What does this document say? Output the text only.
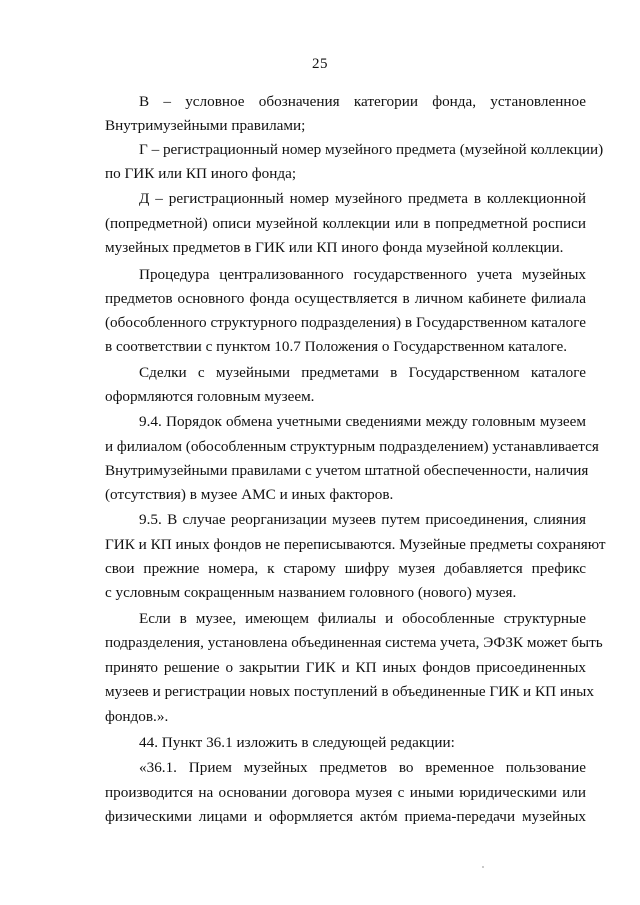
25
В – условное обозначения категории фонда, установленное
Внутримузейными правилами;
Г – регистрационный номер музейного предмета (музейной коллекции)
по ГИК или КП иного фонда;
Д – регистрационный номер музейного предмета в коллекционной
(попредметной) описи музейной коллекции или в попредметной росписи
музейных предметов в ГИК или КП иного фонда музейной коллекции.
Процедура централизованного государственного учета музейных
предметов основного фонда осуществляется в личном кабинете филиала
(обособленного структурного подразделения) в Государственном каталоге
в соответствии с пунктом 10.7 Положения о Государственном каталоге.
Сделки с музейными предметами в Государственном каталоге
оформляются головным музеем.
9.4. Порядок обмена учетными сведениями между головным музеем
и филиалом (обособленным структурным подразделением) устанавливается
Внутримузейными правилами с учетом штатной обеспеченности, наличия
(отсутствия) в музее АМС и иных факторов.
9.5. В случае реорганизации музеев путем присоединения, слияния
ГИК и КП иных фондов не переписываются. Музейные предметы сохраняют
свои прежние номера, к старому шифру музея добавляется префикс
с условным сокращенным названием головного (нового) музея.
Если в музее, имеющем филиалы и обособленные структурные
подразделения, установлена объединенная система учета, ЭФЗК может быть
принято решение о закрытии ГИК и КП иных фондов присоединенных
музеев и регистрации новых поступлений в объединенные ГИК и КП иных
фондов.».
44. Пункт 36.1 изложить в следующей редакции:
«36.1. Прием музейных предметов во временное пользование
производится на основании договора музея с иными юридическими или
физическими лицами и оформляется актóм приема-передачи музейных
